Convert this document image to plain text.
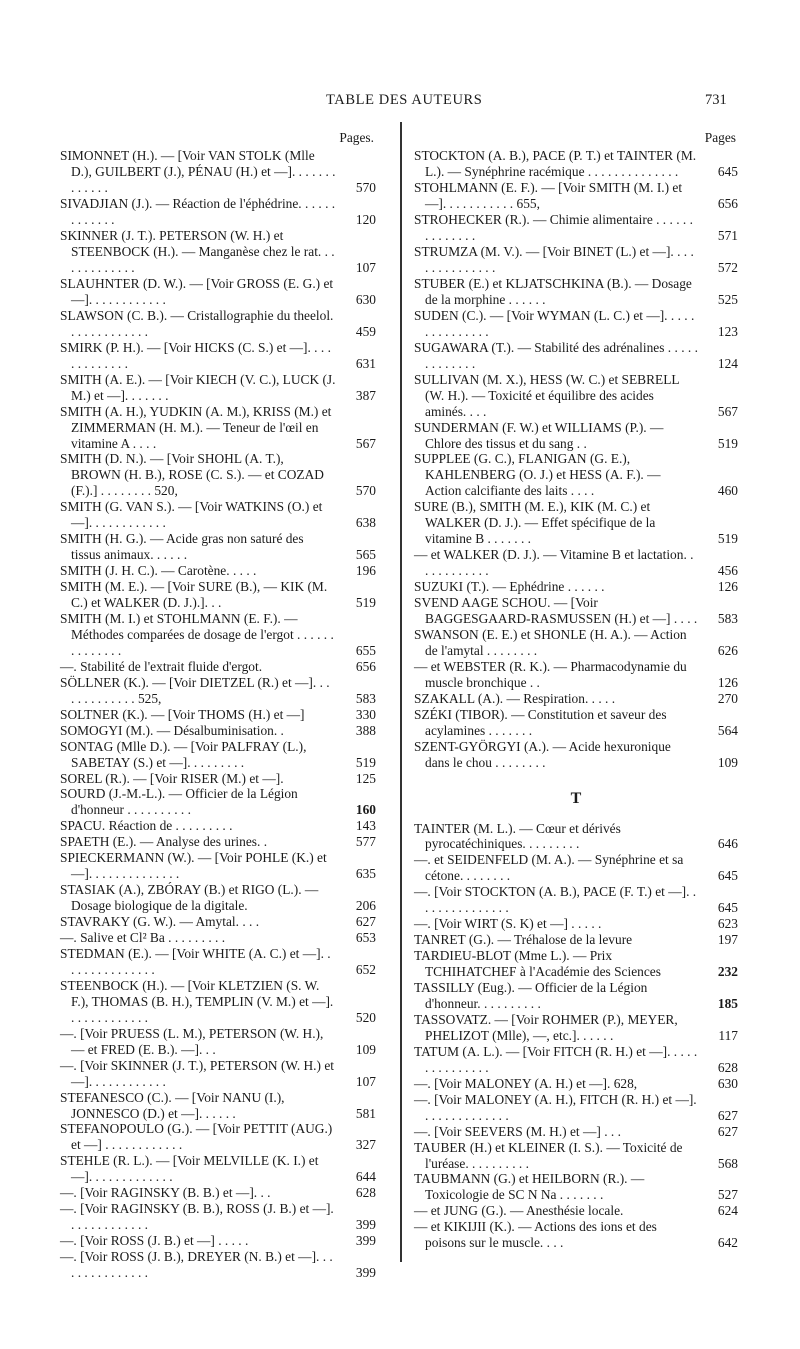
TABLE DES AUTEURS	731
Pages.
SIMONNET (H.). — [Voir VAN STOLK (Mlle D.), GUILBERT (J.), PÉNAU (H.) et —]. . . . . . . . . . . . .	570
SIVADJIAN (J.). — Réaction de l'éphédrine. . . . . . . . . . . . .	120
SKINNER (J. T.). PETERSON (W. H.) et STEENBOCK (H.). — Manganèse chez le rat. . . . . . . . . . . . .	107
SLAUHNTER (D. W.). — [Voir GROSS (E. G.) et —]. . . . . . . . . . . .	630
SLAWSON (C. B.). — Cristallographie du theelol. . . . . . . . . . . . .	459
SMIRK (P. H.). — [Voir HICKS (C. S.) et —]. . . . . . . . . . . . .	631
SMITH (A. E.). — [Voir KIECH (V. C.), LUCK (J. M.) et —]. . . . . . .	387
SMITH (A. H.), YUDKIN (A. M.), KRISS (M.) et ZIMMERMAN (H. M.). — Teneur de l'œil en vitamine A . . . .	567
SMITH (D. N.). — [Voir SHOHL (A. T.), BROWN (H. B.), ROSE (C. S.). — et COZAD (F.).] . . . . . . . . 520,	570
SMITH (G. VAN S.). — [Voir WATKINS (O.) et —]. . . . . . . . . . . .	638
SMITH (H. G.). — Acide gras non saturé des tissus animaux. . . . . .	565
SMITH (J. H. C.). — Carotène. . . . .	196
SMITH (M. E.). — [Voir SURE (B.), — KIK (M. C.) et WALKER (D. J.).]. . .	519
SMITH (M. I.) et STOHLMANN (E. F.). — Méthodes comparées de dosage de l'ergot . . . . . . . . . . . . . .	655
—. Stabilité de l'extrait fluide d'ergot.	656
SÖLLNER (K.). — [Voir DIETZEL (R.) et —]. . . . . . . . . . . . . 525,	583
SOLTNER (K.). — [Voir THOMS (H.) et —]	330
SOMOGYI (M.). — Désalbuminisation. .	388
SONTAG (Mlle D.). — [Voir PALFRAY (L.), SABETAY (S.) et —]. . . . . . . . .	519
SOREL (R.). — [Voir RISER (M.) et —].	125
SOURD (J.-M.-L.). — Officier de la Légion d'honneur . . . . . . . . . .	160
SPACU. Réaction de . . . . . . . . .	143
SPAETH (E.). — Analyse des urines. .	577
SPIECKERMANN (W.). — [Voir POHLE (K.) et —]. . . . . . . . . . . . . .	635
STASIAK (A.), ZBÓRAY (B.) et RIGO (L.). — Dosage biologique de la digitale.	206
STAVRAKY (G. W.). — Amytal. . . .	627
—. Salive et Cl² Ba . . . . . . . . .	653
STEDMAN (E.). — [Voir WHITE (A. C.) et —]. . . . . . . . . . . . . . .	652
STEENBOCK (H.). — [Voir KLETZIEN (S. W. F.), THOMAS (B. H.), TEMPLIN (V. M.) et —]. . . . . . . . . . . . .	520
—. [Voir PRUESS (L. M.), PETERSON (W. H.), — et FRED (E. B.). —]. . .	109
—. [Voir SKINNER (J. T.), PETERSON (W. H.) et —]. . . . . . . . . . . .	107
STEFANESCO (C.). — [Voir NANU (I.), JONNESCO (D.) et —]. . . . . .	581
STEFANOPOULO (G.). — [Voir PETTIT (AUG.) et —] . . . . . . . . . . . .	327
STEHLE (R. L.). — [Voir MELVILLE (K. I.) et —]. . . . . . . . . . . . .	644
—. [Voir RAGINSKY (B. B.) et —]. . .	628
—. [Voir RAGINSKY (B. B.), ROSS (J. B.) et —]. . . . . . . . . . . . .	399
—. [Voir ROSS (J. B.) et —] . . . . .	399
—. [Voir ROSS (J. B.), DREYER (N. B.) et —]. . . . . . . . . . . . . . .	399
Pages
STOCKTON (A. B.), PACE (P. T.) et TAINTER (M. L.). — Synéphrine racémique . . . . . . . . . . . . . .	645
STOHLMANN (E. F.). — [Voir SMITH (M. I.) et —]. . . . . . . . . . . 655,	656
STROHECKER (R.). — Chimie alimentaire . . . . . . . . . . . . . .	571
STRUMZA (M. V.). — [Voir BINET (L.) et —]. . . . . . . . . . . . . . .	572
STUBER (E.) et KLJATSCHKINA (B.). — Dosage de la morphine . . . . . .	525
SUDEN (C.). — [Voir WYMAN (L. C.) et —]. . . . . . . . . . . . . . .	123
SUGAWARA (T.). — Stabilité des adrénalines . . . . . . . . . . . . .	124
SULLIVAN (M. X.), HESS (W. C.) et SEBRELL (W. H.). — Toxicité et équilibre des acides aminés. . . .	567
SUNDERMAN (F. W.) et WILLIAMS (P.). — Chlore des tissus et du sang . .	519
SUPPLEE (G. C.), FLANIGAN (G. E.), KAHLENBERG (O. J.) et HESS (A. F.). — Action calcifiante des laits . . . .	460
SURE (B.), SMITH (M. E.), KIK (M. C.) et WALKER (D. J.). — Effet spécifique de la vitamine B . . . . . . .	519
— et WALKER (D. J.). — Vitamine B et lactation. . . . . . . . . . . .	456
SUZUKI (T.). — Ephédrine . . . . . .	126
SVEND AAGE SCHOU. — [Voir BAGGESGAARD-RASMUSSEN (H.) et —] . . . . 583
SWANSON (E. E.) et SHONLE (H. A.). — Action de l'amytal . . . . . . . .	626
— et WEBSTER (R. K.). — Pharmacodynamie du muscle bronchique . .	126
SZAKALL (A.). — Respiration. . . . .	270
SZÉKI (TIBOR). — Constitution et saveur des acylamines . . . . . . .	564
SZENT-GYÖRGYI (A.). — Acide hexuronique dans le chou . . . . . . . .	109
T
TAINTER (M. L.). — Cœur et dérivés pyrocatéchiniques. . . . . . . . .	646
—. et SEIDENFELD (M. A.). — Synéphrine et sa cétone. . . . . . . .	645
—. [Voir STOCKTON (A. B.), PACE (F. T.) et —]. . . . . . . . . . . . . . .	645
—. [Voir WIRT (S. K) et —] . . . . .	623
TANRET (G.). — Tréhalose de la levure	197
TARDIEU-BLOT (Mme L.). — Prix TCHIHATCHEF à l'Académie des Sciences	232
TASSILLY (Eug.). — Officier de la Légion d'honneur. . . . . . . . . .	185
TASSOVATZ. — [Voir ROHMER (P.), MEYER, PHELIZOT (Mlle), —, etc.]. . . . . .	117
TATUM (A. L.). — [Voir FITCH (R. H.) et —]. . . . . . . . . . . . . . .	628
—. [Voir MALONEY (A. H.) et —]. 628,	630
—. [Voir MALONEY (A. H.), FITCH (R. H.) et —]. . . . . . . . . . . . . .	627
—. [Voir SEEVERS (M. H.) et —] . . .	627
TAUBER (H.) et KLEINER (I. S.). — Toxicité de l'uréase. . . . . . . . . .	568
TAUBMANN (G.) et HEILBORN (R.). — Toxicologie de SC N Na . . . . . . .	527
— et JUNG (G.). — Anesthésie locale.	624
— et KIKIJII (K.). — Actions des ions et des poisons sur le muscle. . . .	642
